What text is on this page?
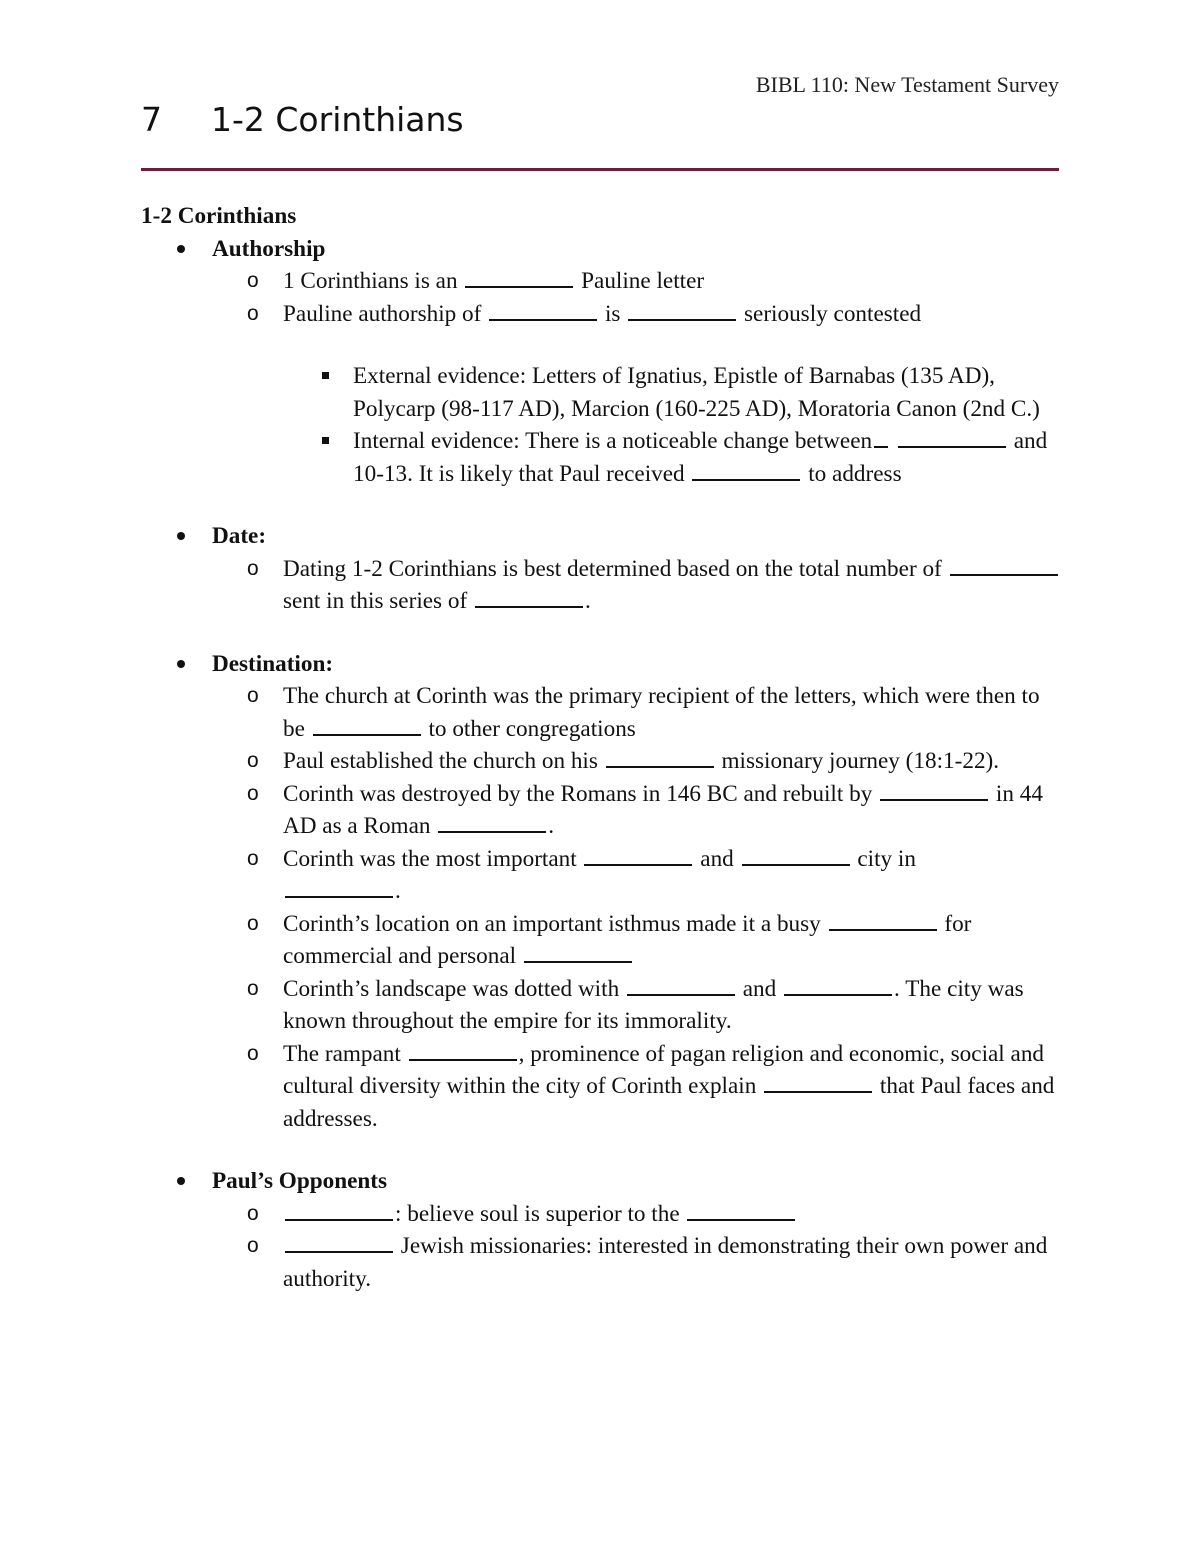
BIBL 110: New Testament Survey
7	1-2 Corinthians
1-2 Corinthians
Authorship
o 1 Corinthians is an	Pauline letter
o Pauline authorship of	is	seriously contested
External evidence: Letters of Ignatius, Epistle of Barnabas (135 AD), Polycarp (98-117 AD), Marcion (160-225 AD), Moratoria Canon (2nd C.)
Internal evidence: There is a noticeable change between	and 10-13. It is likely that Paul received	to address
Date:
o Dating 1-2 Corinthians is best determined based on the total number of  sent in this series of	.
Destination:
o The church at Corinth was the primary recipient of the letters, which were then to be	to other congregations
o Paul established the church on his	missionary journey (18:1-22).
o Corinth was destroyed by the Romans in 146 BC and rebuilt by	in 44 AD as a Roman	.
o Corinth was the most important	and	city in
.
o Corinth’s location on an important isthmus made it a busy	for commercial and personal
o Corinth’s landscape was dotted with	and	. The city was known throughout the empire for its immorality.
o The rampant	, prominence of pagan religion and economic, social and cultural diversity within the city of Corinth explain	that Paul faces and addresses.
Paul’s Opponents
o	: believe soul is superior to the
o	Jewish missionaries: interested in demonstrating their own power and authority.
